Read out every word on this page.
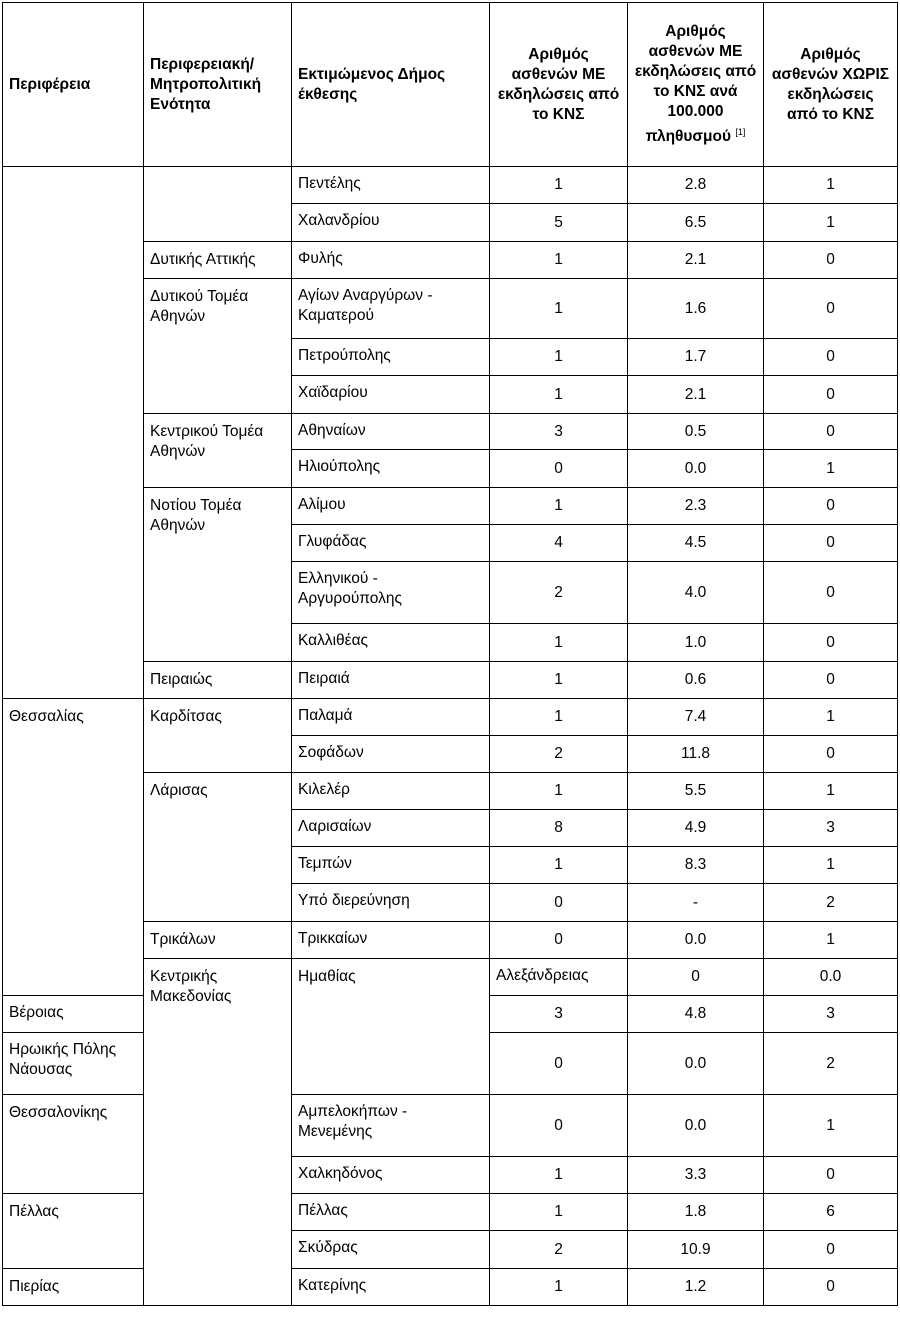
Περιφέρεια	Περιφερειακή/ Μητροπολιτική Ενότητα	Εκτιμώμενος Δήμος έκθεσης	Αριθμός ασθενών ΜΕ εκδηλώσεις από το ΚΝΣ	Αριθμός ασθενών ΜΕ εκδηλώσεις από το ΚΝΣ ανά 100.000 πληθυσμού [1]	Αριθμός ασθενών ΧΩΡΙΣ εκδηλώσεις από το ΚΝΣ	
		Πεντέλης	1	2.8	1	
		Χαλανδρίου	5	6.5	1	
	Δυτικής Αττικής	Φυλής	1	2.1	0	
	Δυτικού Τομέα Αθηνών	Αγίων Αναργύρων - Καματερού	1	1.6	0	
		Πετρούπολης	1	1.7	0	
		Χαϊδαρίου	1	2.1	0	
	Κεντρικού Τομέα Αθηνών	Αθηναίων	3	0.5	0	
		Ηλιούπολης	0	0.0	1	
	Νοτίου Τομέα Αθηνών	Αλίμου	1	2.3	0	
		Γλυφάδας	4	4.5	0	
		Ελληνικού - Αργυρούπολης	2	4.0	0	
		Καλλιθέας	1	1.0	0	
	Πειραιώς	Πειραιά	1	0.6	0	
Θεσσαλίας	Καρδίτσας	Παλαμά	1	7.4	1	
		Σοφάδων	2	11.8	0	
	Λάρισας	Κιλελέρ	1	5.5	1	
		Λαρισαίων	8	4.9	3	
		Τεμπών	1	8.3	1	
		Υπό διερεύνηση	0	-	2	
	Τρικάλων	Τρικκαίων	0	0.0	1	
	Κεντρικής Μακεδονίας	Ημαθίας	Αλεξάνδρειας	0	0.0	
Βέροιας			3	4.8	3	
Ηρωικής Πόλης Νάουσας			0	0.0	2	
Θεσσαλονίκης		Αμπελοκήπων - Μενεμένης	0	0.0	1	
		Χαλκηδόνος	1	3.3	0	
Πέλλας		Πέλλας	1	1.8	6	
		Σκύδρας	2	10.9	0	
Πιερίας		Κατερίνης	1	1.2	0	
